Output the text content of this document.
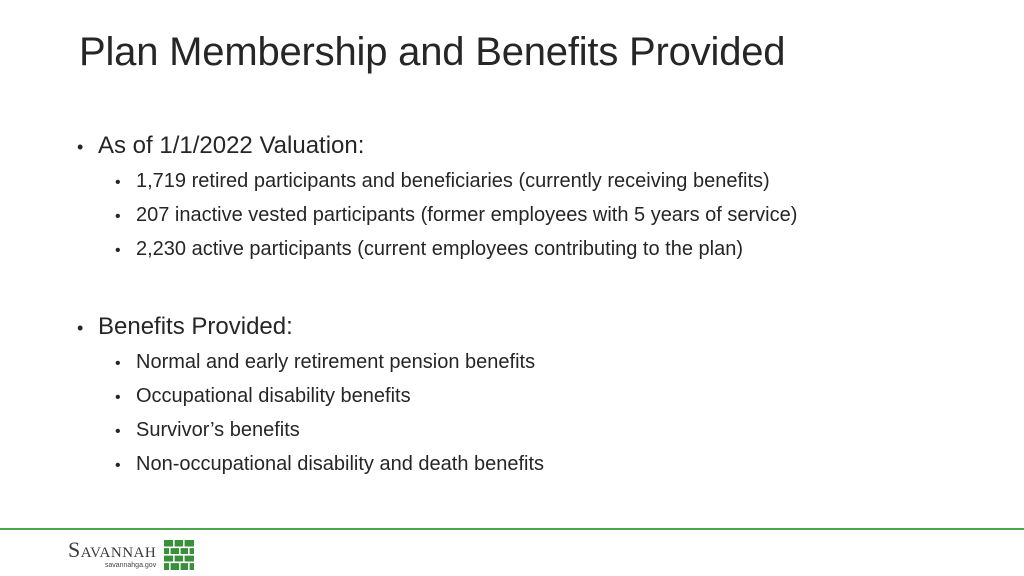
Plan Membership and Benefits Provided
• As of 1/1/2022 Valuation:
• 1,719 retired participants and beneficiaries (currently receiving benefits)
• 207 inactive vested participants (former employees with 5 years of service)
• 2,230 active participants (current employees contributing to the plan)
• Benefits Provided:
• Normal and early retirement pension benefits
• Occupational disability benefits
• Survivor’s benefits
• Non-occupational disability and death benefits
Savannah
savannahga.gov
